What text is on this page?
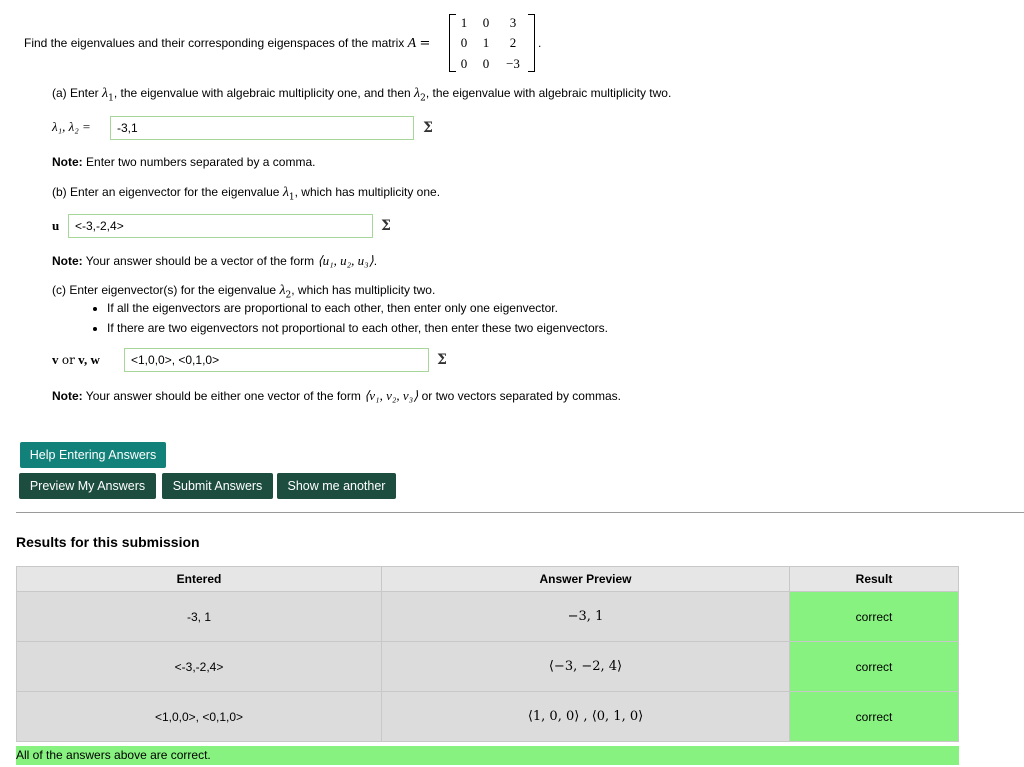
Find the eigenvalues and their corresponding eigenspaces of the matrix A =
1	0	3
0	1	2
0	0	−3
.
(a) Enter $\lambda_1$, the eigenvalue with algebraic multiplicity one, and then $\lambda_2$, the eigenvalue with algebraic multiplicity two.
λ₁, λ₂ =
-3,1	Σ
Note: Enter two numbers separated by a comma.
(b) Enter an eigenvector for the eigenvalue $\lambda_1$, which has multiplicity one.
u
<-3,-2,4>	Σ
Note: Your answer should be a vector of the form ⟨u₁, u₂, u₃⟩.
(c) Enter eigenvector(s) for the eigenvalue $\lambda_2$, which has multiplicity two.
• If all the eigenvectors are proportional to each other, then enter only one eigenvector.
• If there are two eigenvectors not proportional to each other, then enter these two eigenvectors.
v or v, w
<1,0,0>, <0,1,0>	Σ
Note: Your answer should be either one vector of the form ⟨v₁, v₂, v₃⟩ or two vectors separated by commas.
Help Entering Answers
Preview My Answers	Submit Answers	Show me another
Results for this submission
Entered	Answer Preview	Result
-3, 1	−3, 1	correct
<-3,-2,4>	⟨−3, −2, 4⟩	correct
<1,0,0>, <0,1,0>	⟨1, 0, 0⟩ , ⟨0, 1, 0⟩	correct
All of the answers above are correct.
